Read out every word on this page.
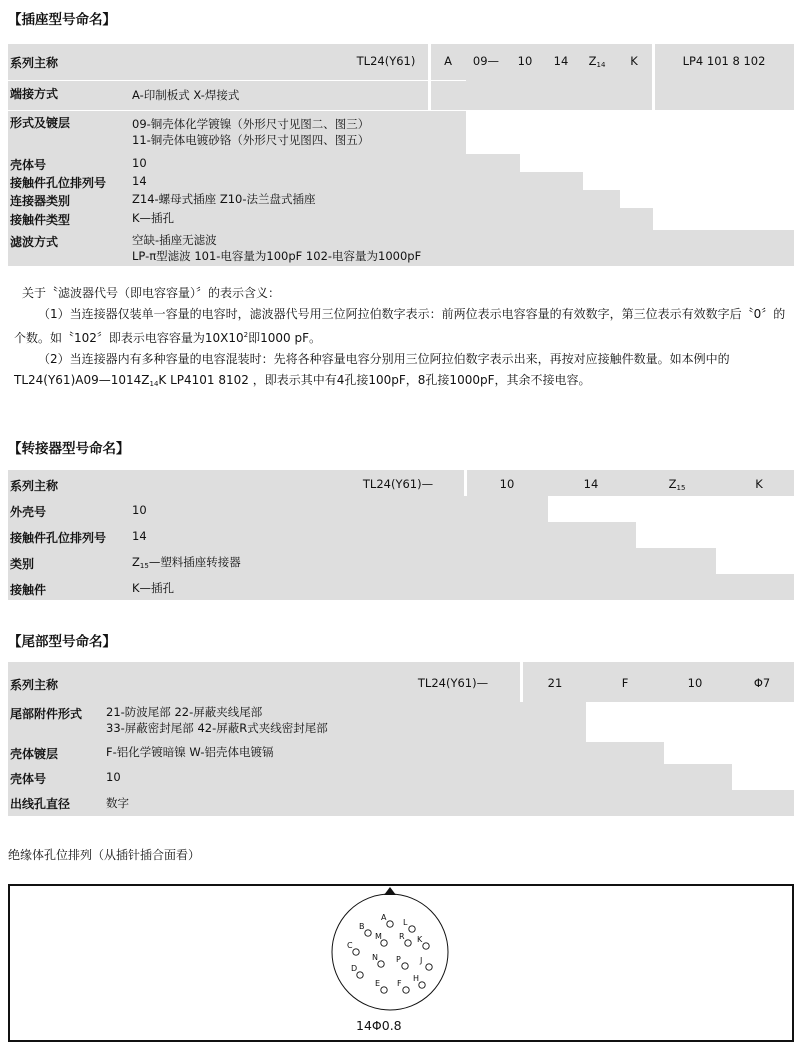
【插座型号命名】
系列主称	TL24(Y61)	A	09—	10	14	$Z_{14}$	K	LP4 101 8 102
端接方式	A-印制板式 X-焊接式
形式及镀层	09-铜壳体化学镀镍（外形尺寸见图二、图三）
11-铜壳体电镀砂铬（外形尺寸见图四、图五）
壳体号	10
接触件孔位排列号 14
连接器类别	Z14-螺母式插座 Z10-法兰盘式插座
接触件类型	K—插孔
滤波方式	空缺-插座无滤波
LP-π型滤波 101-电容量为100pF 102-电容量为1000pF

关于〝滤波器代号（即电容容量）〞的表示含义：

（1）当连接器仅装单一容量的电容时，滤波器代号用三位阿拉伯数字表示：前两位表示电容容量的有效数字，第三位表示有效数字后〝0〞的个数。如〝102〞即表示电容容量为$10X10^2$即1000 pF。

（2）当连接器内有多种容量的电容混装时：先将各种容量电容分别用三位阿拉伯数字表示出来，再按对应接触件数量。如本例中的$TL24(Y61)A09—1014Z_{14}K$ LP4101 8102 ，即表示其中有4孔接100pF，8孔接1000pF，其余不接电容。

【转接器型号命名】
系列主称	TL24(Y61)—	10	14	$Z_{15}$	K
外壳号	10
接触件孔位排列号 14
类别	$Z_{15}—$塑料插座转接器
接触件	K—插孔
【尾部型号命名】
系列主称	TL24(Y61)—	21	F	10	Φ7
尾部附件形式 21-防波尾部 22-屏蔽夹线尾部
33-屏蔽密封尾部 42-屏蔽R式夹线密封尾部
壳体镀层	F-铝化学镀暗镍 W-铝壳体电镀镉
壳体号	10
出线孔直径	数字
绝缘体孔位排列（从插针插合面看）
A
L
B
K
M R
C
J
N P
D
H
E F
14Φ0.8
